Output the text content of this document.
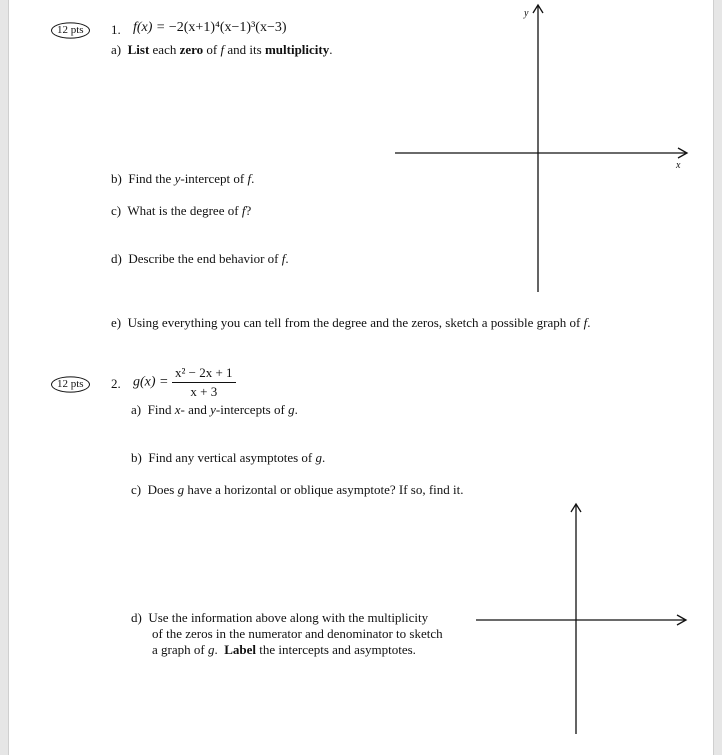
12 pts	1. f(x) = −2(x+1)⁴(x−1)³(x−3)
a) List each zero of f and its multiplicity.
b) Find the y-intercept of f.
c) What is the degree of f?
d) Describe the end behavior of f.
e) Using everything you can tell from the degree and the zeros, sketch a possible graph of f.
y
x
12 pts	2. $g(x) = \frac{\text{x² − 2x + 1}}{x + 3}$
a) Find x- and y-intercepts of g.
b) Find any vertical asymptotes of g.
c) Does g have a horizontal or oblique asymptote? If so, find it.
d) Use the information above along with the multiplicity
of the zeros in the numerator and denominator to sketch
a graph of g. Label the intercepts and asymptotes.
